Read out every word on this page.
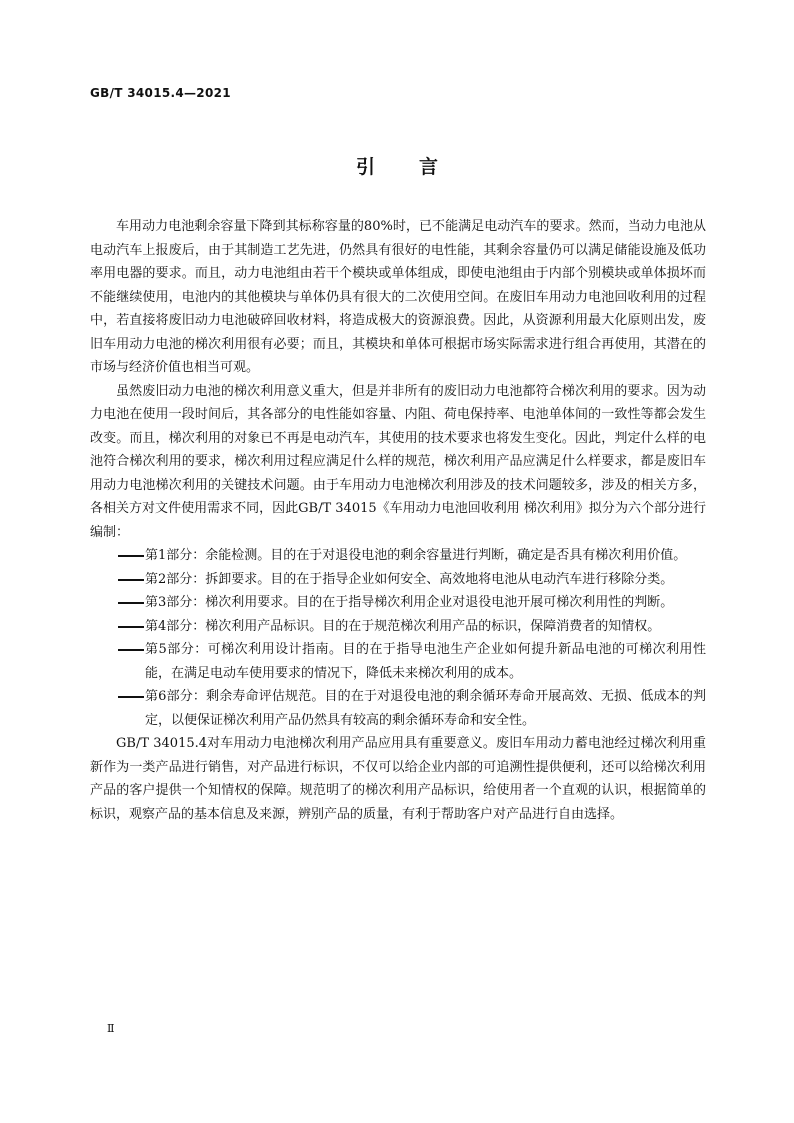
GB/T 34015.4—2021
引言

车用动力电池剩余容量下降到其标称容量的80%时，已不能满足电动汽车的要求。然而，当动力电池从电动汽车上报废后，由于其制造工艺先进，仍然具有很好的电性能，其剩余容量仍可以满足储能设施及低功率用电器的要求。而且，动力电池组由若干个模块或单体组成，即使电池组由于内部个别模块或单体损坏而不能继续使用，电池内的其他模块与单体仍具有很大的二次使用空间。在废旧车用动力电池回收利用的过程中，若直接将废旧动力电池破碎回收材料，将造成极大的资源浪费。因此，从资源利用最大化原则出发，废旧车用动力电池的梯次利用很有必要；而且，其模块和单体可根据市场实际需求进行组合再使用，其潜在的市场与经济价值也相当可观。

虽然废旧动力电池的梯次利用意义重大，但是并非所有的废旧动力电池都符合梯次利用的要求。因为动力电池在使用一段时间后，其各部分的电性能如容量、内阻、荷电保持率、电池单体间的一致性等都会发生改变。而且，梯次利用的对象已不再是电动汽车，其使用的技术要求也将发生变化。因此，判定什么样的电池符合梯次利用的要求，梯次利用过程应满足什么样的规范，梯次利用产品应满足什么样要求，都是废旧车用动力电池梯次利用的关键技术问题。由于车用动力电池梯次利用涉及的技术问题较多，涉及的相关方多，各相关方对文件使用需求不同，因此GB/T 34015《车用动力电池回收利用 梯次利用》拟分为六个部分进行编制：

第1部分：余能检测。目的在于对退役电池的剩余容量进行判断，确定是否具有梯次利用价值。
第2部分：拆卸要求。目的在于指导企业如何安全、高效地将电池从电动汽车进行移除分类。
第3部分：梯次利用要求。目的在于指导梯次利用企业对退役电池开展可梯次利用性的判断。
第4部分：梯次利用产品标识。目的在于规范梯次利用产品的标识，保障消费者的知情权。
第5部分：可梯次利用设计指南。目的在于指导电池生产企业如何提升新品电池的可梯次利用性能，在满足电动车使用要求的情况下，降低未来梯次利用的成本。
第6部分：剩余寿命评估规范。目的在于对退役电池的剩余循环寿命开展高效、无损、低成本的判定，以便保证梯次利用产品仍然具有较高的剩余循环寿命和安全性。

GB/T 34015.4对车用动力电池梯次利用产品应用具有重要意义。废旧车用动力蓄电池经过梯次利用重新作为一类产品进行销售，对产品进行标识，不仅可以给企业内部的可追溯性提供便利，还可以给梯次利用产品的客户提供一个知情权的保障。规范明了的梯次利用产品标识，给使用者一个直观的认识，根据简单的标识，观察产品的基本信息及来源，辨别产品的质量，有利于帮助客户对产品进行自由选择。

Ⅱ
